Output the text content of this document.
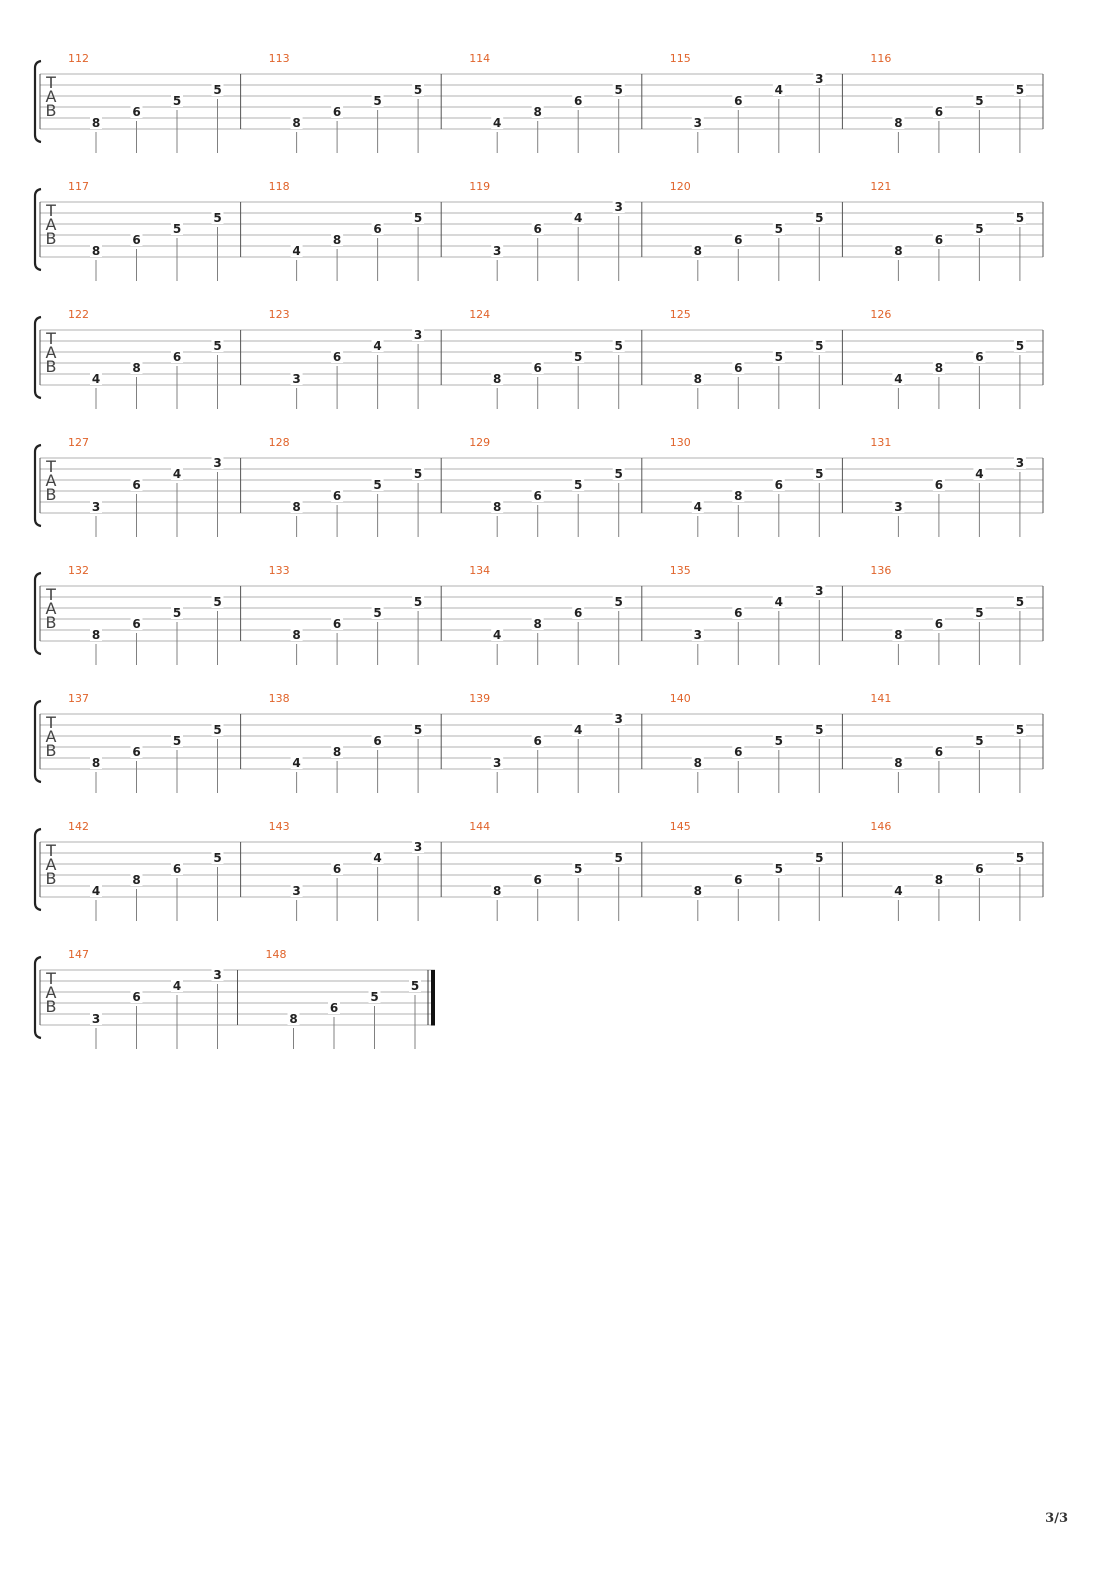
T
A
B
112
8
6
5
5
113
8
6
5
5
114
4
8
6
5
115
3
6
4
3
116
8
6
5
5
T
A
B
117
8
6
5
5
118
4
8
6
5
119
3
6
4
3
120
8
6
5
5
121
8
6
5
5
T
A
B
122
4
8
6
5
123
3
6
4
3
124
8
6
5
5
125
8
6
5
5
126
4
8
6
5
T
A
B
127
3
6
4
3
128
8
6
5
5
129
8
6
5
5
130
4
8
6
5
131
3
6
4
3
T
A
B
132
8
6
5
5
133
8
6
5
5
134
4
8
6
5
135
3
6
4
3
136
8
6
5
5
T
A
B
137
8
6
5
5
138
4
8
6
5
139
3
6
4
3
140
8
6
5
5
141
8
6
5
5
T
A
B
142
4
8
6
5
143
3
6
4
3
144
8
6
5
5
145
8
6
5
5
146
4
8
6
5
T
A
B
147
3
6
4
3
148
8
6
5
5
3/3
